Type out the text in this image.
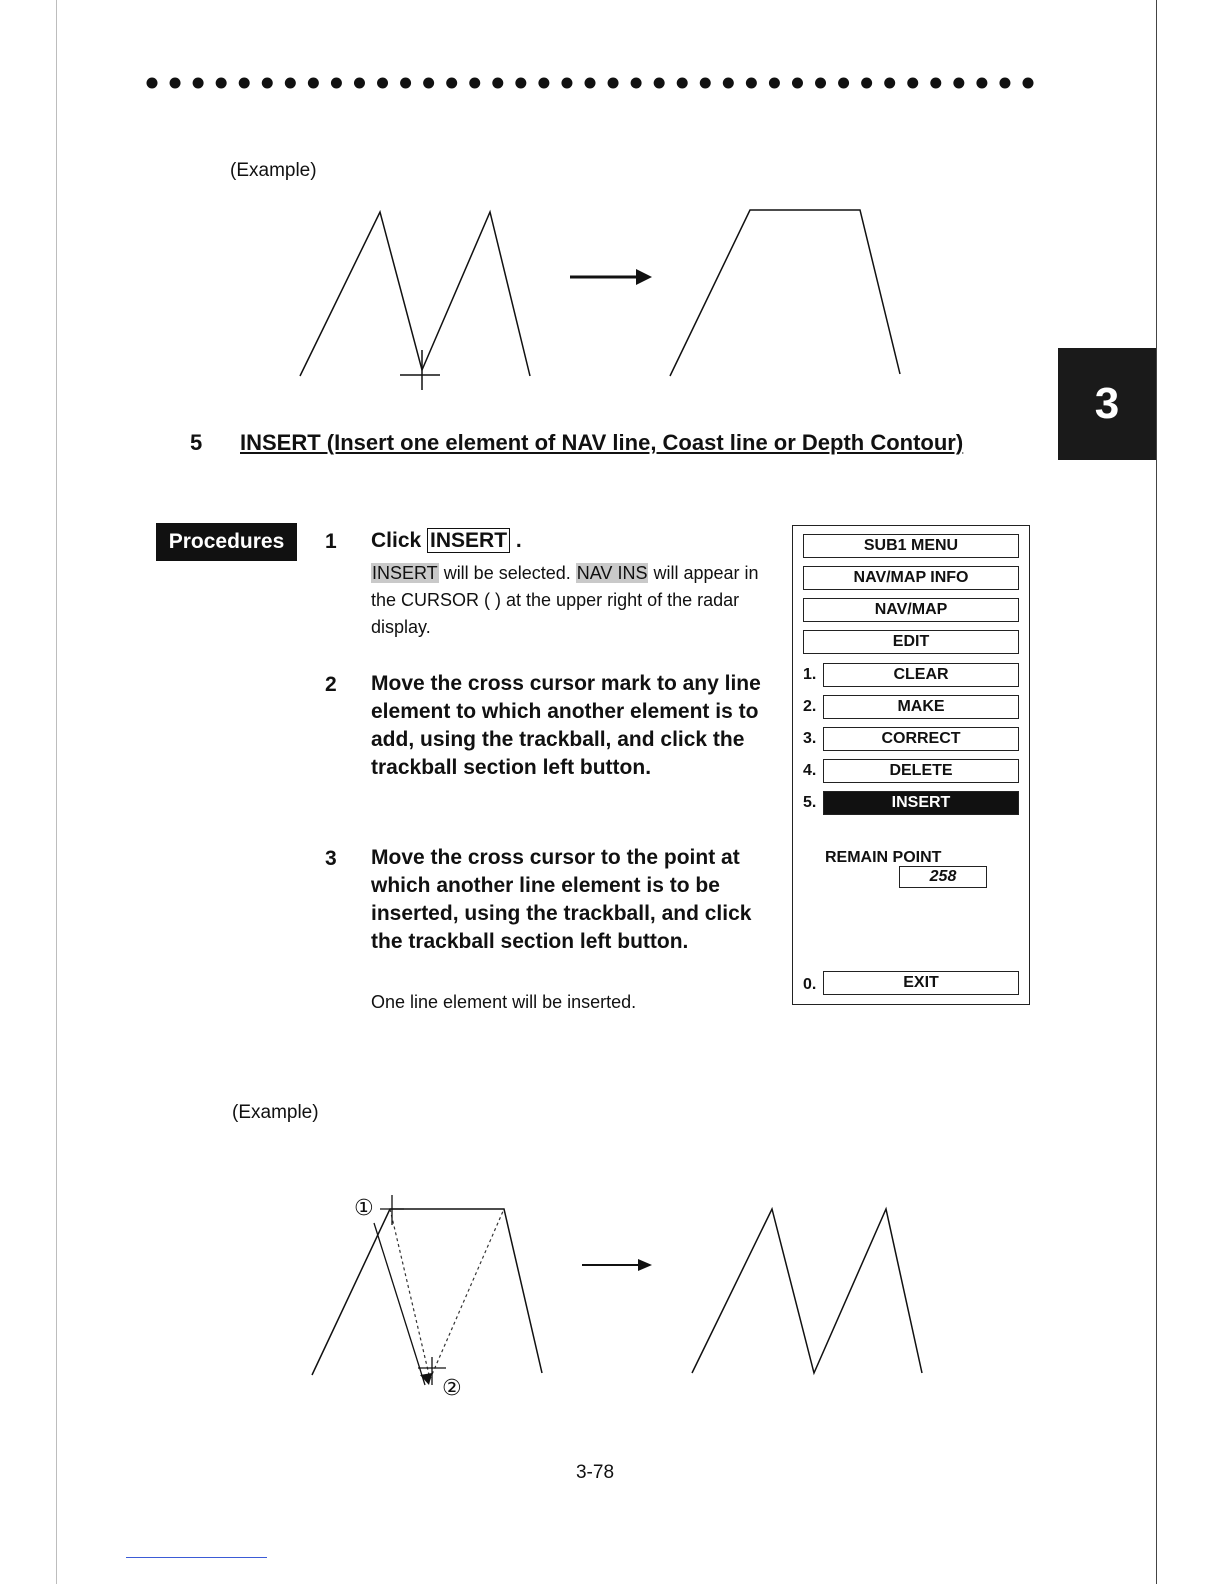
3
(Example)
5 INSERT (Insert one element of NAV line, Coast line or Depth Contour)
Procedures	1 Click INSERT .
INSERT will be selected. NAV INS will appear in the CURSOR ( ) at the upper right of the radar display.
2 Move the cross cursor mark to any line element to which another element is to add, using the trackball, and click the trackball section left button.
3 Move the cross cursor to the point at which another line element is to be inserted, using the trackball, and click the trackball section left button.
One line element will be inserted.
SUB1 MENU
NAV/MAP INFO
NAV/MAP
EDIT
1.	CLEAR
2.	MAKE
3.	CORRECT
4.	DELETE
5.	INSERT
REMAIN POINT
258
0.	EXIT
(Example)
①
②
3-78
